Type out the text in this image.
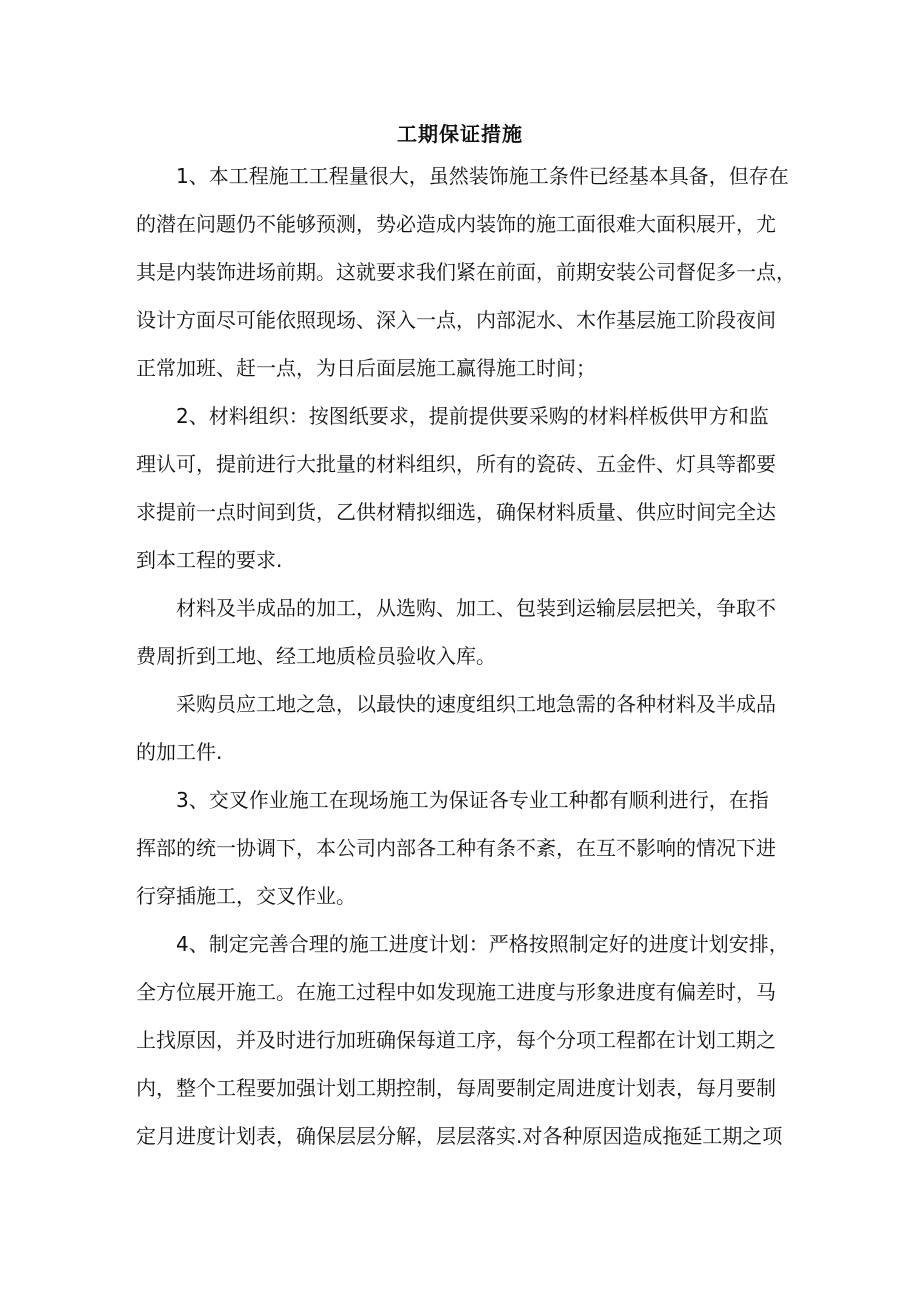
工期保证措施

1、本工程施工工程量很大，虽然装饰施工条件已经基本具备，但存在
的潜在问题仍不能够预测，势必造成内装饰的施工面很难大面积展开，尤
其是内装饰进场前期。这就要求我们紧在前面，前期安装公司督促多一点，
设计方面尽可能依照现场、深入一点，内部泥水、木作基层施工阶段夜间
正常加班、赶一点，为日后面层施工赢得施工时间；

2、材料组织：按图纸要求，提前提供要采购的材料样板供甲方和监
理认可，提前进行大批量的材料组织，所有的瓷砖、五金件、灯具等都要
求提前一点时间到货，乙供材精拟细选，确保材料质量、供应时间完全达
到本工程的要求.

材料及半成品的加工，从选购、加工、包装到运输层层把关，争取不
费周折到工地、经工地质检员验收入库。

采购员应工地之急，以最快的速度组织工地急需的各种材料及半成品
的加工件.

3、交叉作业施工在现场施工为保证各专业工种都有顺利进行，在指
挥部的统一协调下，本公司内部各工种有条不紊，在互不影响的情况下进
行穿插施工，交叉作业。

4、制定完善合理的施工进度计划：严格按照制定好的进度计划安排，
全方位展开施工。在施工过程中如发现施工进度与形象进度有偏差时，马
上找原因，并及时进行加班确保每道工序，每个分项工程都在计划工期之
内，整个工程要加强计划工期控制，每周要制定周进度计划表，每月要制
定月进度计划表，确保层层分解，层层落实.对各种原因造成拖延工期之项
